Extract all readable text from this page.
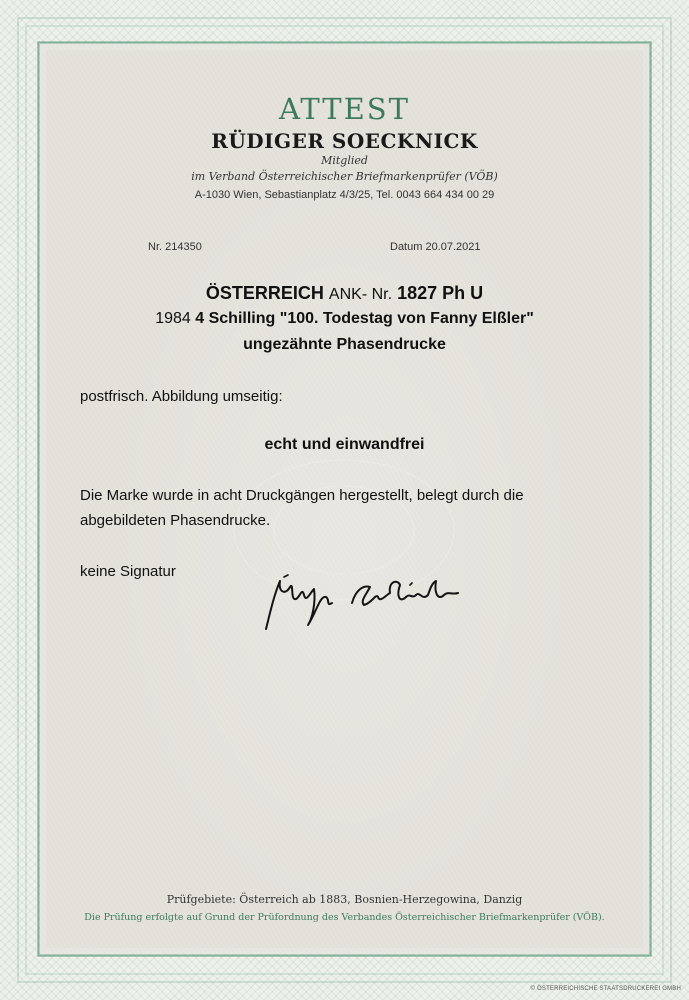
ATTEST
RÜDIGER SOECKNICK
Mitglied
im Verband Österreichischer Briefmarkenprüfer (VÖB)
A-1030 Wien, Sebastianplatz 4/3/25, Tel. 0043 664 434 00 29
Nr. 214350	Datum 20.07.2021
ÖSTERREICH ANK- Nr. 1827 Ph U
1984 4 Schilling "100. Todestag von Fanny Elßler"
ungezähnte Phasendrucke
postfrisch. Abbildung umseitig:
echt und einwandfrei
Die Marke wurde in acht Druckgängen hergestellt, belegt durch die
abgebildeten Phasendrucke.
keine Signatur
Prüfgebiete: Österreich ab 1883, Bosnien-Herzegowina, Danzig
Die Prüfung erfolgte auf Grund der Prüfordnung des Verbandes Österreichischer Briefmarkenprüfer (VÖB).
© ÖSTERREICHISCHE STAATSDRUCKEREI GMBH
